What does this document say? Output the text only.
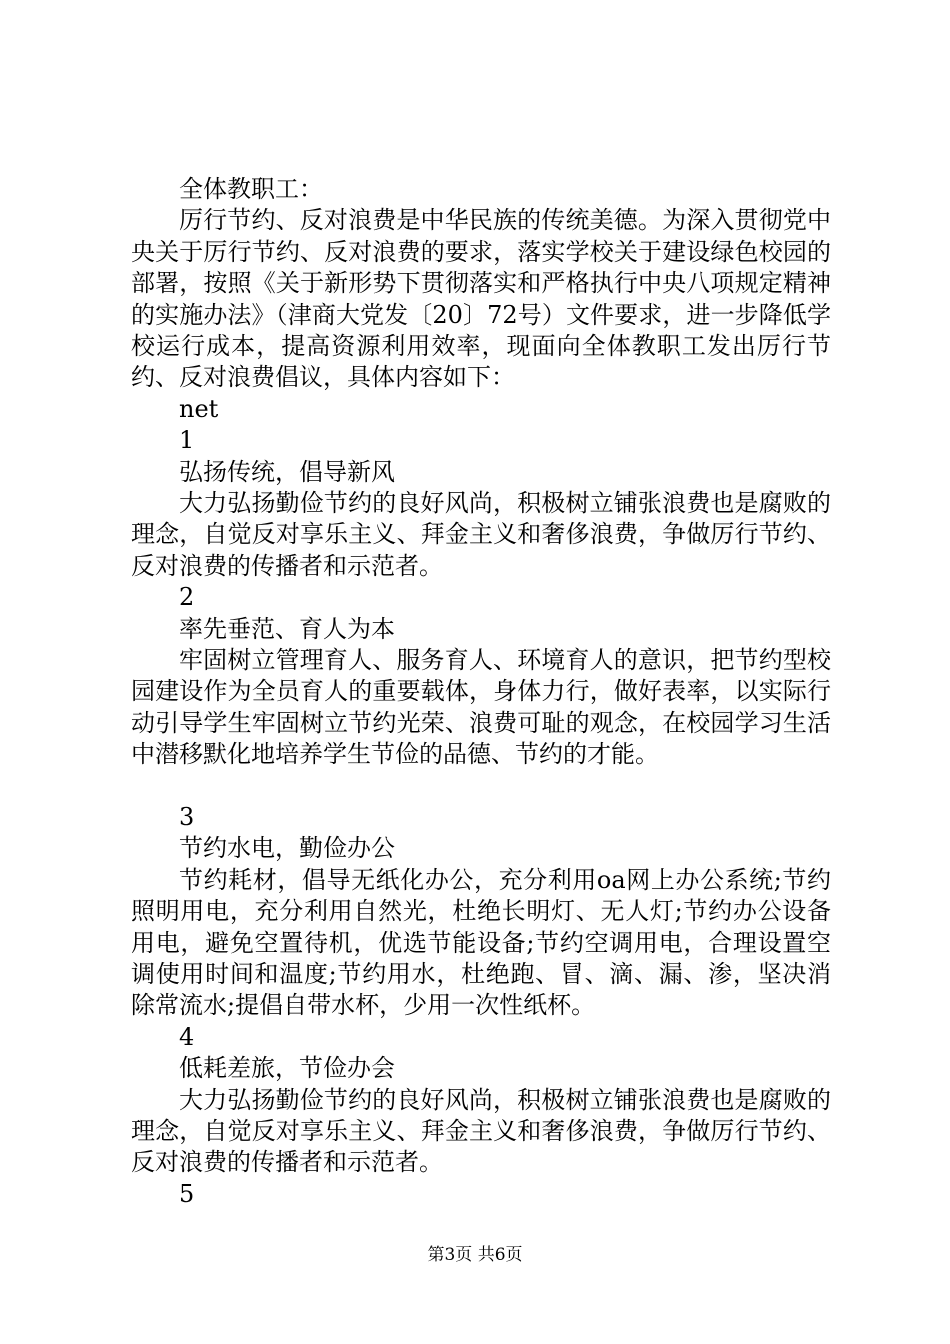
全体教职工：

厉行节约、反对浪费是中华民族的传统美德。为深入贯彻党中央关于厉行节约、反对浪费的要求，落实学校关于建设绿色校园的部署，按照《关于新形势下贯彻落实和严格执行中央八项规定精神的实施办法》（津商大党发〔20〕72号）文件要求，进一步降低学校运行成本，提高资源利用效率，现面向全体教职工发出厉行节约、反对浪费倡议，具体内容如下：

net
1
弘扬传统，倡导新风

大力弘扬勤俭节约的良好风尚，积极树立铺张浪费也是腐败的理念，自觉反对享乐主义、拜金主义和奢侈浪费，争做厉行节约、反对浪费的传播者和示范者。

2
率先垂范、育人为本

牢固树立管理育人、服务育人、环境育人的意识，把节约型校园建设作为全员育人的重要载体，身体力行，做好表率，以实际行动引导学生牢固树立节约光荣、浪费可耻的观念，在校园学习生活中潜移默化地培养学生节俭的品德、节约的才能。

3
节约水电，勤俭办公

节约耗材，倡导无纸化办公，充分利用oa网上办公系统;节约照明用电，充分利用自然光，杜绝长明灯、无人灯;节约办公设备用电，避免空置待机，优选节能设备;节约空调用电，合理设置空调使用时间和温度;节约用水，杜绝跑、冒、滴、漏、渗，坚决消除常流水;提倡自带水杯，少用一次性纸杯。

4
低耗差旅，节俭办会

大力弘扬勤俭节约的良好风尚，积极树立铺张浪费也是腐败的理念，自觉反对享乐主义、拜金主义和奢侈浪费，争做厉行节约、反对浪费的传播者和示范者。

5
第3页 共6页
